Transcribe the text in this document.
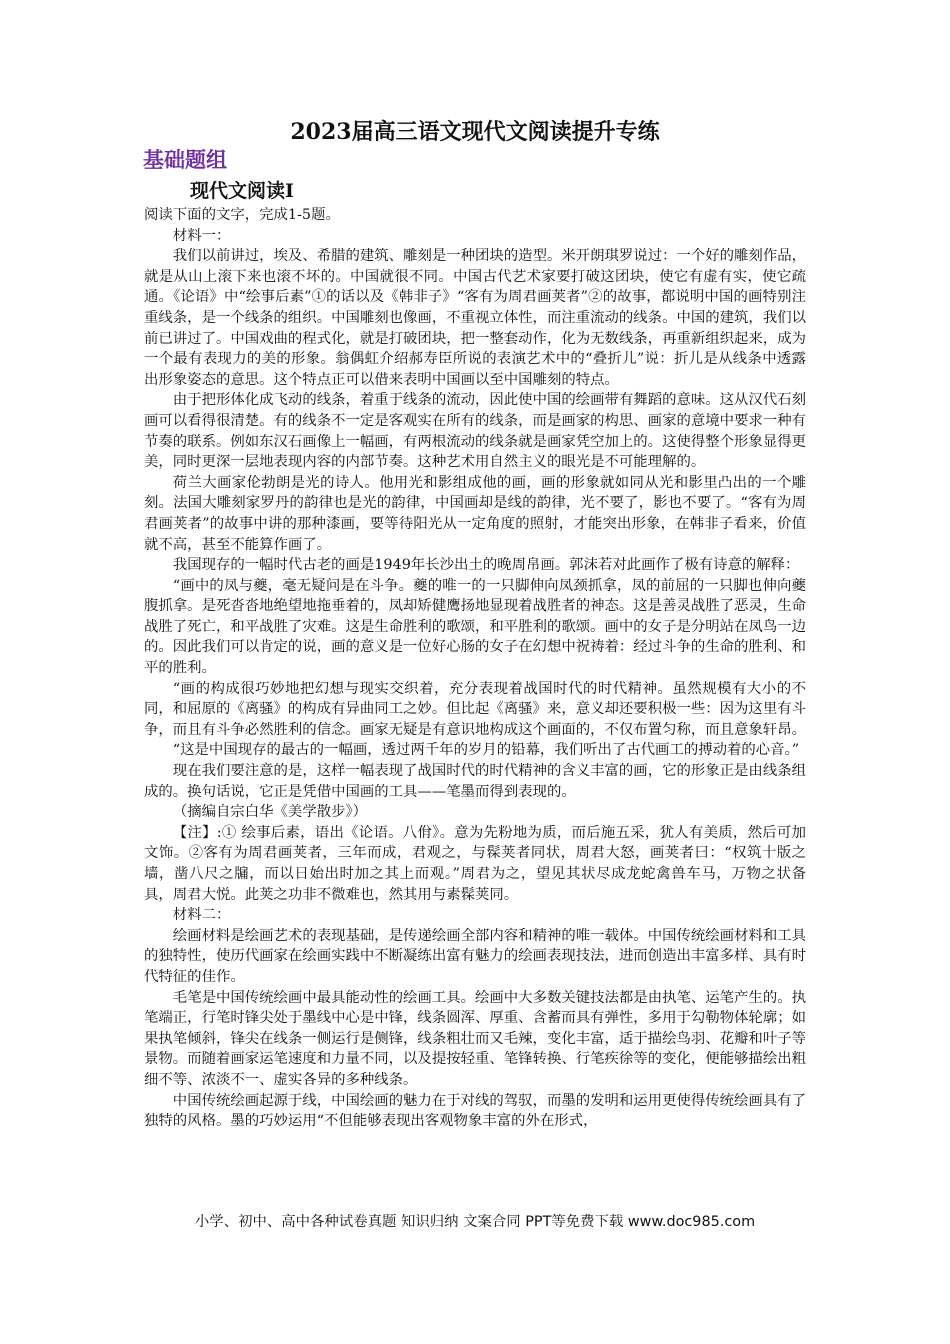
2023届高三语文现代文阅读提升专练
基础题组
现代文阅读Ⅰ

阅读下面的文字，完成1-5题。

材料一：

我们以前讲过，埃及、希腊的建筑、雕刻是一种团块的造型。米开朗琪罗说过：一个好的雕刻作品，就是从山上滚下来也滚不坏的。中国就很不同。中国古代艺术家要打破这团块，使它有虚有实，使它疏通。《论语》中“绘事后素”①的话以及《韩非子》“客有为周君画荚者”②的故事，都说明中国的画特别注重线条，是一个线条的组织。中国雕刻也像画，不重视立体性，而注重流动的线条。中国的建筑，我们以前已讲过了。中国戏曲的程式化，就是打破团块，把一整套动作，化为无数线条，再重新组织起来，成为一个最有表现力的美的形象。翁偶虹介绍郝寿臣所说的表演艺术中的“叠折儿”说：折儿是从线条中透露出形象姿态的意思。这个特点正可以借来表明中国画以至中国雕刻的特点。

由于把形体化成飞动的线条，着重于线条的流动，因此使中国的绘画带有舞蹈的意味。这从汉代石刻画可以看得很清楚。有的线条不一定是客观实在所有的线条，而是画家的构思、画家的意境中要求一种有节奏的联系。例如东汉石画像上一幅画，有两根流动的线条就是画家凭空加上的。这使得整个形象显得更美，同时更深一层地表现内容的内部节奏。这种艺术用自然主义的眼光是不可能理解的。

荷兰大画家伦勃朗是光的诗人。他用光和影组成他的画，画的形象就如同从光和影里凸出的一个雕刻。法国大雕刻家罗丹的韵律也是光的韵律，中国画却是线的韵律，光不要了，影也不要了。“客有为周君画荚者”的故事中讲的那种漆画，要等待阳光从一定角度的照射，才能突出形象，在韩非子看来，价值就不高，甚至不能算作画了。

我国现存的一幅时代古老的画是1949年长沙出土的晚周帛画。郭沫若对此画作了极有诗意的解释：

“画中的凤与夔，毫无疑问是在斗争。夔的唯一的一只脚伸向凤颈抓拿，凤的前屈的一只脚也伸向夔腹抓拿。是死沓沓地绝望地拖垂着的，凤却矫健鹰扬地显现着战胜者的神态。这是善灵战胜了恶灵，生命战胜了死亡，和平战胜了灾难。这是生命胜利的歌颂，和平胜利的歌颂。画中的女子是分明站在凤鸟一边的。因此我们可以肯定的说，画的意义是一位好心肠的女子在幻想中祝祷着：经过斗争的生命的胜利、和平的胜利。

“画的构成很巧妙地把幻想与现实交织着，充分表现着战国时代的时代精神。虽然规模有大小的不同，和屈原的《离骚》的构成有异曲同工之妙。但比起《离骚》来，意义却还要积极一些：因为这里有斗争，而且有斗争必然胜利的信念。画家无疑是有意识地构成这个画面的，不仅布置匀称，而且意象轩昂。

“这是中国现存的最古的一幅画，透过两千年的岁月的铅幕，我们听出了古代画工的搏动着的心音。”

现在我们要注意的是，这样一幅表现了战国时代的时代精神的含义丰富的画，它的形象正是由线条组成的。换句话说，它正是凭借中国画的工具——笔墨而得到表现的。

（摘编自宗白华《美学散步》）

【注】:① 绘事后素，语出《论语。八佾》。意为先粉地为质，而后施五采，犹人有美质，然后可加文饰。②客有为周君画荚者，三年而成，君观之，与髹荚者同状，周君大怒，画荚者曰：“权筑十版之墙，凿八尺之牖，而以日始出时加之其上而观。”周君为之，望见其状尽成龙蛇禽兽车马，万物之状备具，周君大悦。此荚之功非不微难也，然其用与素髹荚同。

材料二：

绘画材料是绘画艺术的表现基础，是传递绘画全部内容和精神的唯一载体。中国传统绘画材料和工具的独特性，使历代画家在绘画实践中不断凝练出富有魅力的绘画表现技法，进而创造出丰富多样、具有时代特征的佳作。

毛笔是中国传统绘画中最具能动性的绘画工具。绘画中大多数关键技法都是由执笔、运笔产生的。执笔端正，行笔时锋尖处于墨线中心是中锋，线条圆浑、厚重、含蓄而具有弹性，多用于勾勒物体轮廓；如果执笔倾斜，锋尖在线条一侧运行是侧锋，线条粗壮而又毛辣，变化丰富，适于描绘鸟羽、花瓣和叶子等景物。而随着画家运笔速度和力量不同，以及提按轻重、笔锋转换、行笔疾徐等的变化，便能够描绘出粗细不等、浓淡不一、虚实各异的多种线条。

中国传统绘画起源于线，中国绘画的魅力在于对线的驾驭，而墨的发明和运用更使得传统绘画具有了独特的风格。墨的巧妙运用“不但能够表现出客观物象丰富的外在形式，

小学、初中、高中各种试卷真题 知识归纳 文案合同 PPT等免费下载 www.doc985.com
